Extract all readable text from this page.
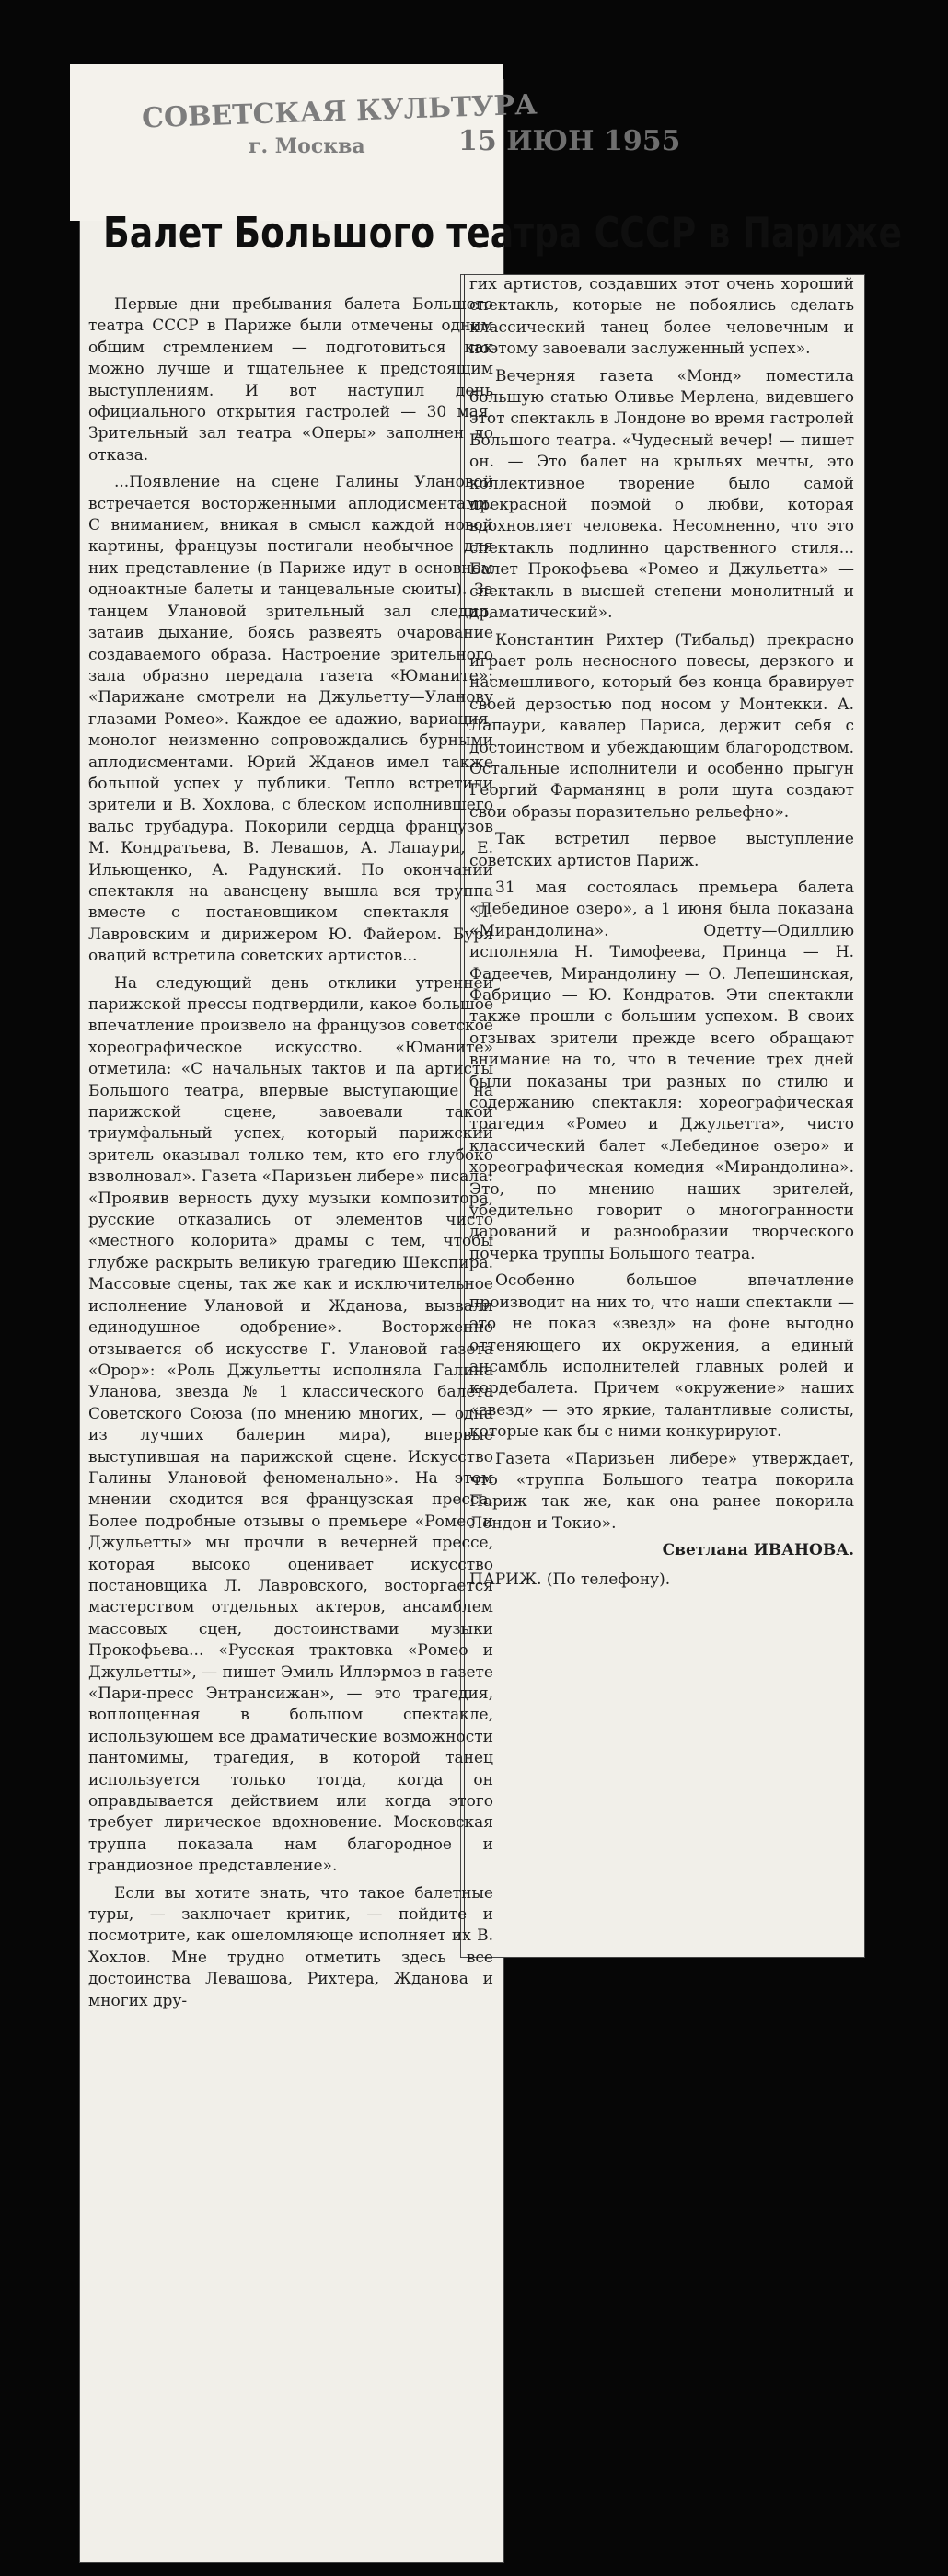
СОВЕТСКАЯ КУЛЬТУРА
г. Москва	15 ИЮН 1955
Балет Большого театра СССР в Париже

Первые дни пребывания балета Большого театра СССР в Париже были отмечены одним общим стремлением — подготовиться как можно лучше и тщательнее к предстоящим выступлениям. И вот наступил день официального открытия гастролей — 30 мая. Зрительный зал театра «Оперы» заполнен до отказа.

...Появление на сцене Галины Улановой встречается восторженными аплодисментами. С вниманием, вникая в смысл каждой новой картины, французы постигали необычное для них представление (в Париже идут в основном одноактные балеты и танцевальные сюиты). За танцем Улановой зрительный зал следил, затаив дыхание, боясь развеять очарование создаваемого образа. Настроение зрительного зала образно передала газета «Юманите»: «Парижане смотрели на Джульетту—Уланову глазами Ромео». Каждое ее адажио, вариация, монолог неизменно сопровождались бурными аплодисментами. Юрий Жданов имел также большой успех у публики. Тепло встретили зрители и В. Хохлова, с блеском исполнившего вальс трубадура. Покорили сердца французов М. Кондратьева, В. Левашов, А. Лапаури, Е. Ильющенко, А. Радунский. По окончании спектакля на авансцену вышла вся труппа вместе с постановщиком спектакля Л. Лавровским и дирижером Ю. Файером. Буря оваций встретила советских артистов...

На следующий день отклики утренней парижской прессы подтвердили, какое большое впечатление произвело на французов советское хореографическое искусство. «Юманите» отметила: «С начальных тактов и па артисты Большого театра, впервые выступающие на парижской сцене, завоевали такой триумфальный успех, который парижский зритель оказывал только тем, кто его глубоко взволновал». Газета «Паризьен либере» писала: «Проявив верность духу музыки композитора, русские отказались от элементов чисто «местного колорита» драмы с тем, чтобы глубже раскрыть великую трагедию Шекспира. Массовые сцены, так же как и исключительное исполнение Улановой и Жданова, вызвали единодушное одобрение». Восторженно отзывается об искусстве Г. Улановой газета «Орор»: «Роль Джульетты исполняла Галина Уланова, звезда № 1 классического балета Советского Союза (по мнению многих, — одна из лучших балерин мира), впервые выступившая на парижской сцене. Искусство Галины Улановой феноменально». На этом мнении сходится вся французская пресса. Более подробные отзывы о премьере «Ромео и Джульетты» мы прочли в вечерней прессе, которая высоко оценивает искусство постановщика Л. Лавровского, восторгается мастерством отдельных актеров, ансамблем массовых сцен, достоинствами музыки Прокофьева... «Русская трактовка «Ромео и Джульетты», — пишет Эмиль Иллэрмоз в газете «Пари-пресс Энтрансижан», — это трагедия, воплощенная в большом спектакле, использующем все драматические возможности пантомимы, трагедия, в которой танец используется только тогда, когда он оправдывается действием или когда этого требует лирическое вдохновение. Московская труппа показала нам благородное и грандиозное представление».

Если вы хотите знать, что такое балетные туры, — заключает критик, — пойдите и посмотрите, как ошеломляюще исполняет их В. Хохлов. Мне трудно отметить здесь все достоинства Левашова, Рихтера, Жданова и многих дру-

гих артистов, создавших этот очень хороший спектакль, которые не побоялись сделать классический танец более человечным и поэтому завоевали заслуженный успех».

Вечерняя газета «Монд» поместила большую статью Оливье Мерлена, видевшего этот спектакль в Лондоне во время гастролей Большого театра. «Чудесный вечер! — пишет он. — Это балет на крыльях мечты, это коллективное творение было самой прекрасной поэмой о любви, которая вдохновляет человека. Несомненно, что это спектакль подлинно царственного стиля... Балет Прокофьева «Ромео и Джульетта» — спектакль в высшей степени монолитный и драматический».

Константин Рихтер (Тибальд) прекрасно играет роль несносного повесы, дерзкого и насмешливого, который без конца бравирует своей дерзостью под носом у Монтекки. А. Лапаури, кавалер Париса, держит себя с достоинством и убеждающим благородством. Остальные исполнители и особенно прыгун Георгий Фарманянц в роли шута создают свои образы поразительно рельефно».

Так встретил первое выступление советских артистов Париж.

31 мая состоялась премьера балета «Лебединое озеро», а 1 июня была показана «Мирандолина». Одетту—Одиллию исполняла Н. Тимофеева, Принца — Н. Фадеечев, Мирандолину — О. Лепешинская, Фабрицио — Ю. Кондратов. Эти спектакли также прошли с большим успехом. В своих отзывах зрители прежде всего обращают внимание на то, что в течение трех дней были показаны три разных по стилю и содержанию спектакля: хореографическая трагедия «Ромео и Джульетта», чисто классический балет «Лебединое озеро» и хореографическая комедия «Мирандолина». Это, по мнению наших зрителей, убедительно говорит о многогранности дарований и разнообразии творческого почерка труппы Большого театра.

Особенно большое впечатление производит на них то, что наши спектакли — это не показ «звезд» на фоне выгодно оттеняющего их окружения, а единый ансамбль исполнителей главных ролей и кордебалета. Причем «окружение» наших «звезд» — это яркие, талантливые солисты, которые как бы с ними конкурируют.

Газета «Паризьен либере» утверждает, что «труппа Большого театра покорила Париж так же, как она ранее покорила Лондон и Токио».

Светлана ИВАНОВА.

ПАРИЖ. (По телефону).
